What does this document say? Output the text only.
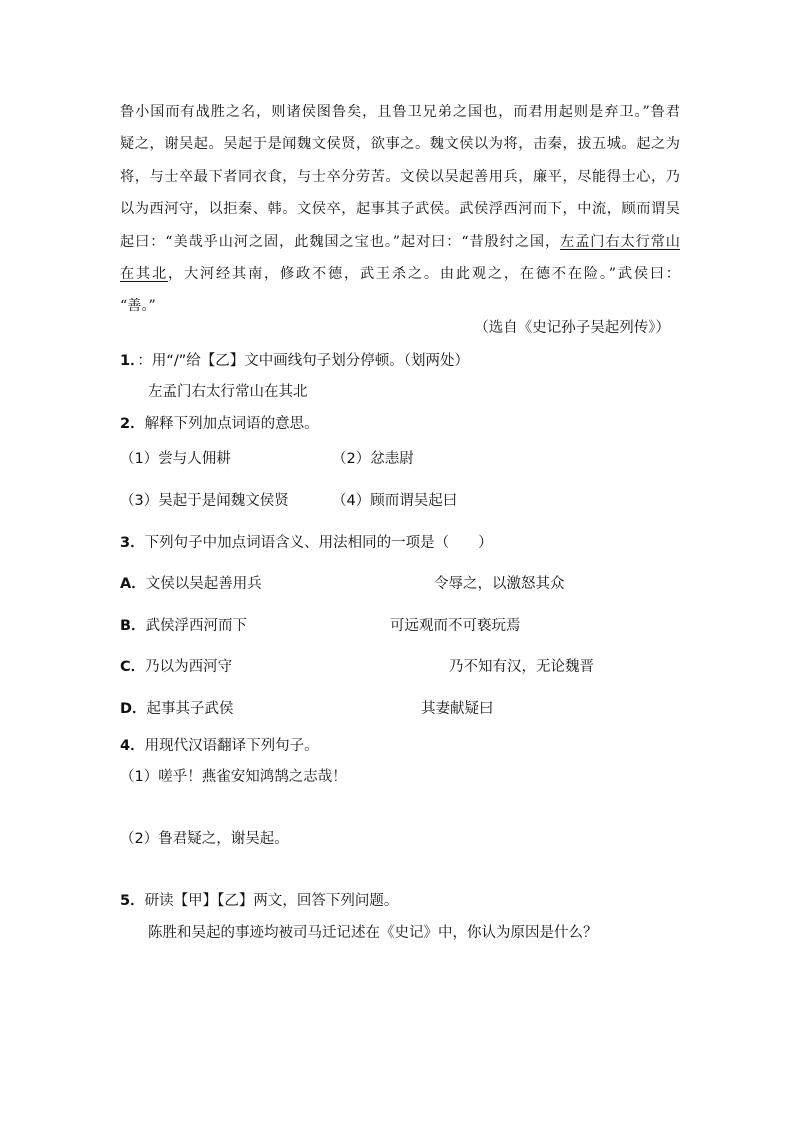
鲁小国而有战胜之名，则诸侯图鲁矣，且鲁卫兄弟之国也，而君用起则是弃卫。”鲁君
疑之，谢吴起。吴起于是闻魏文侯贤，欲事之。魏文侯以为将，击秦，拔五城。起之为
将，与士卒最下者同衣食，与士卒分劳苦。文侯以吴起善用兵，廉平，尽能得士心，乃
以为西河守，以拒秦、韩。文侯卒，起事其子武侯。武侯浮西河而下，中流，顾而谓吴
起曰：“美哉乎山河之固，此魏国之宝也。”起对曰：“昔殷纣之国，左孟门右太行常山
在其北，大河经其南，修政不德，武王杀之。由此观之，在德不在险。”武侯曰：
“善。”
（选自《史记孙子吴起列传》）
1．：用“/”给【乙】文中画线句子划分停顿。（划两处）
左孟门右太行常山在其北
2．解释下列加点词语的意思。
（1）尝与人佣耕	（2）忿恚尉
（3）吴起于是闻魏文侯贤	（4）顾而谓吴起曰
3．下列句子中加点词语含义、用法相同的一项是（　　）
A．文侯以吴起善用兵	令辱之，以激怒其众
B．武侯浮西河而下	可远观而不可亵玩焉
C．乃以为西河守	乃不知有汉，无论魏晋
D．起事其子武侯	其妻献疑曰
4．用现代汉语翻译下列句子。
（1）嗟乎！燕雀安知鸿鹄之志哉！
（2）鲁君疑之，谢吴起。
5．研读【甲】【乙】两文，回答下列问题。
陈胜和吴起的事迹均被司马迁记述在《史记》中，你认为原因是什么？
